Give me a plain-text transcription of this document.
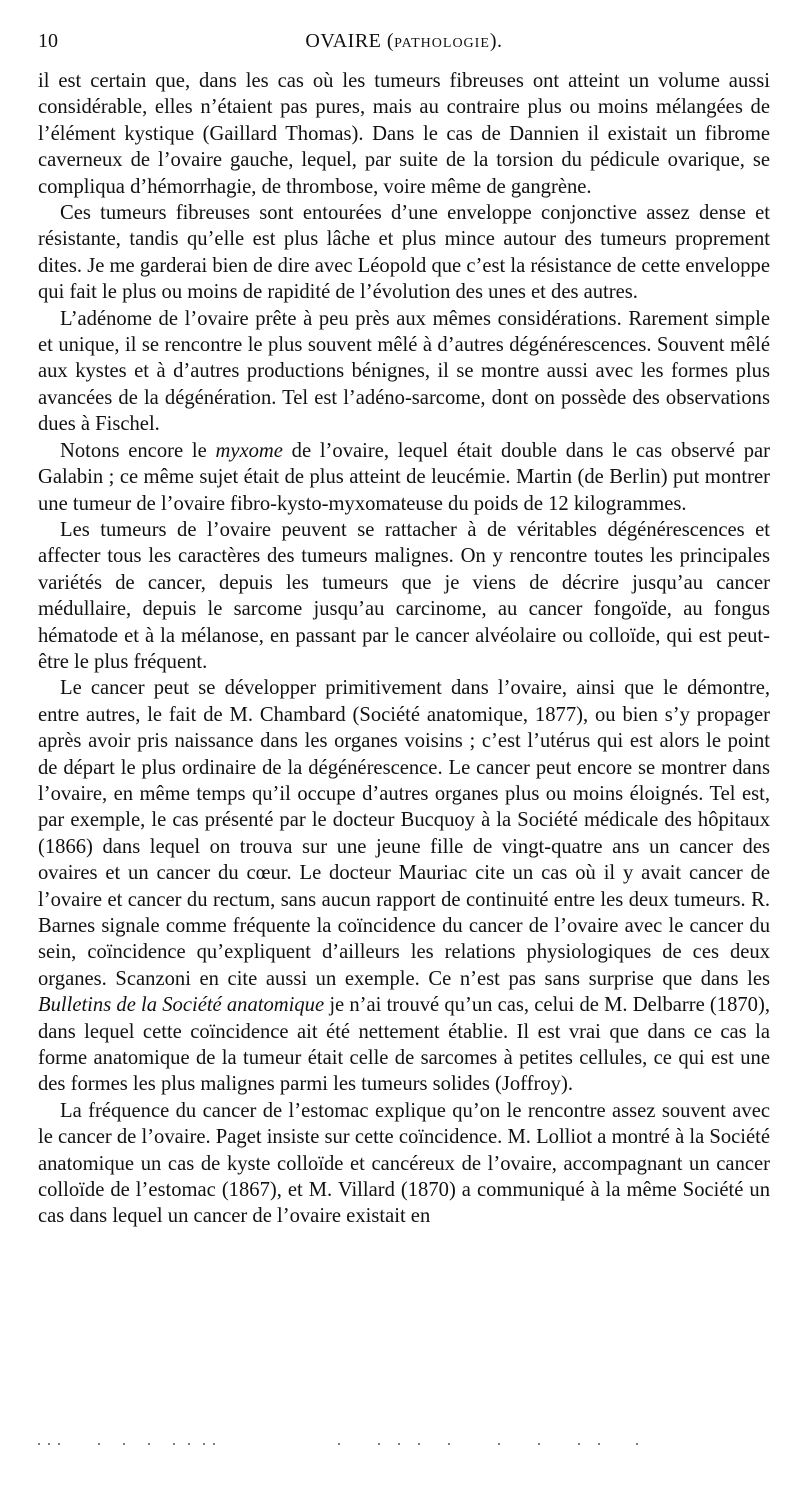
10	OVAIRE (PATHOLOGIE).

il est certain que, dans les cas où les tumeurs fibreuses ont atteint un volume aussi considérable, elles n’étaient pas pures, mais au contraire plus ou moins mélangées de l’élément kystique (Gaillard Thomas). Dans le cas de Dannien il existait un fibrome caverneux de l’ovaire gauche, lequel, par suite de la torsion du pédicule ovarique, se compliqua d’hémorrhagie, de thrombose, voire même de gangrène.

Ces tumeurs fibreuses sont entourées d’une enveloppe conjonctive assez dense et résistante, tandis qu’elle est plus lâche et plus mince autour des tumeurs proprement dites. Je me garderai bien de dire avec Léopold que c’est la résistance de cette enveloppe qui fait le plus ou moins de rapidité de l’évolution des unes et des autres.

L’adénome de l’ovaire prête à peu près aux mêmes considérations. Rarement simple et unique, il se rencontre le plus souvent mêlé à d’autres dégénérescences. Souvent mêlé aux kystes et à d’autres productions bénignes, il se montre aussi avec les formes plus avancées de la dégénération. Tel est l’adéno-sarcome, dont on possède des observations dues à Fischel.

Notons encore le myxome de l’ovaire, lequel était double dans le cas observé par Galabin ; ce même sujet était de plus atteint de leucémie. Martin (de Berlin) put montrer une tumeur de l’ovaire fibro-kysto-myxomateuse du poids de 12 kilogrammes.

Les tumeurs de l’ovaire peuvent se rattacher à de véritables dégénérescences et affecter tous les caractères des tumeurs malignes. On y rencontre toutes les principales variétés de cancer, depuis les tumeurs que je viens de décrire jusqu’au cancer médullaire, depuis le sarcome jusqu’au carcinome, au cancer fongoïde, au fongus hématode et à la mélanose, en passant par le cancer alvéolaire ou colloïde, qui est peut-être le plus fréquent.

Le cancer peut se développer primitivement dans l’ovaire, ainsi que le démontre, entre autres, le fait de M. Chambard (Société anatomique, 1877), ou bien s’y propager après avoir pris naissance dans les organes voisins ; c’est l’utérus qui est alors le point de départ le plus ordinaire de la dégénérescence. Le cancer peut encore se montrer dans l’ovaire, en même temps qu’il occupe d’autres organes plus ou moins éloignés. Tel est, par exemple, le cas présenté par le docteur Bucquoy à la Société médicale des hôpitaux (1866) dans lequel on trouva sur une jeune fille de vingt-quatre ans un cancer des ovaires et un cancer du cœur. Le docteur Mauriac cite un cas où il y avait cancer de l’ovaire et cancer du rectum, sans aucun rapport de continuité entre les deux tumeurs. R. Barnes signale comme fréquente la coïncidence du cancer de l’ovaire avec le cancer du sein, coïncidence qu’expliquent d’ailleurs les relations physiologiques de ces deux organes. Scanzoni en cite aussi un exemple. Ce n’est pas sans surprise que dans les Bulletins de la Société anatomique je n’ai trouvé qu’un cas, celui de M. Delbarre (1870), dans lequel cette coïncidence ait été nettement établie. Il est vrai que dans ce cas la forme anatomique de la tumeur était celle de sarcomes à petites cellules, ce qui est une des formes les plus malignes parmi les tumeurs solides (Joffroy).

La fréquence du cancer de l’estomac explique qu’on le rencontre assez souvent avec le cancer de l’ovaire. Paget insiste sur cette coïncidence. M. Lolliot a montré à la Société anatomique un cas de kyste colloïde et cancéreux de l’ovaire, accompagnant un cancer colloïde de l’estomac (1867), et M. Villard (1870) a communiqué à la même Société un cas dans lequel un cancer de l’ovaire existait en
